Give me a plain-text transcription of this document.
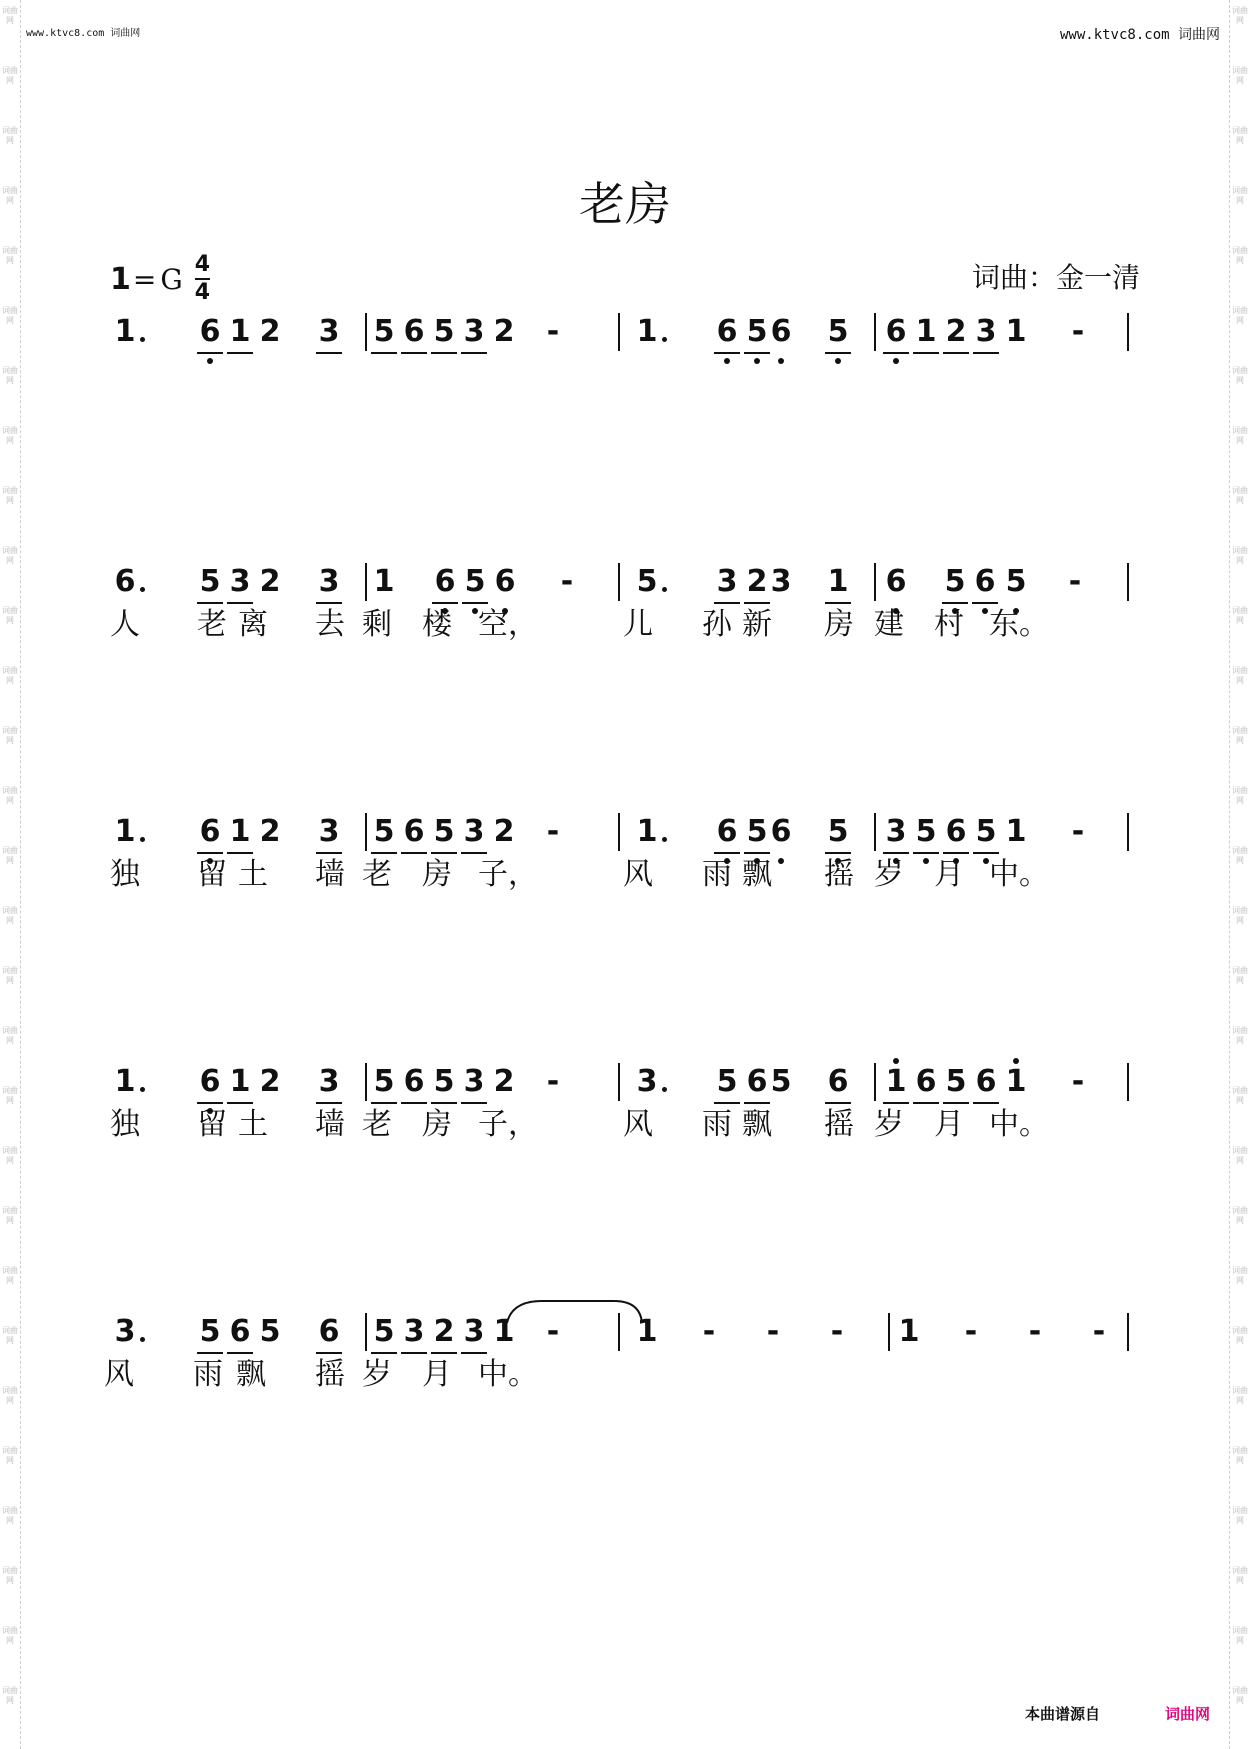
词曲网
词曲网
词曲网
词曲网
词曲网
词曲网
词曲网
词曲网
词曲网
词曲网
词曲网
词曲网
词曲网
词曲网
词曲网
词曲网
词曲网
词曲网
词曲网
词曲网
词曲网
词曲网
词曲网
词曲网
词曲网
词曲网
词曲网
词曲网
词曲网
词曲网
词曲网
词曲网
词曲网
词曲网
词曲网
词曲网
词曲网
词曲网
词曲网
词曲网
词曲网
词曲网
词曲网
词曲网
词曲网
词曲网
词曲网
词曲网
词曲网
词曲网
词曲网
词曲网
词曲网
词曲网
词曲网
词曲网
词曲网
词曲网
www.ktvc8.com 词曲网	www.ktvc8.com 词曲网
老房
1 = G 4
4	词曲：金一清
1 6 1 2 3 5 6 5 3 2 -	1 6 5 6 5 6 1 2 3 1 -
6 5 3 2 3 1 6 5 6 - 5 3 2 3 1 6 5 6 5 -
人 老 离 去 剩 楼 空，	儿 孙 新 房 建 村 东。
1 6 1 2 3 5 6 5 3 2 -	1 6 5 6 5 3 5 6 5 1 -
独 留 土 墙 老 房 子，	风 雨 飘 摇 岁 月 中。
1 6 1 2 3 5 6 5 3 2 -	3 5 6 5 6 1 6 5 6 1 -
独 留 土 墙 老 房 子，	风 雨 飘 摇 岁 月 中。
3 5 6 5 6 5 3 2 3 1 -	1 - - - 1 - - -
风 雨 飘 摇 岁 月 中。
本曲谱源自	词曲网
